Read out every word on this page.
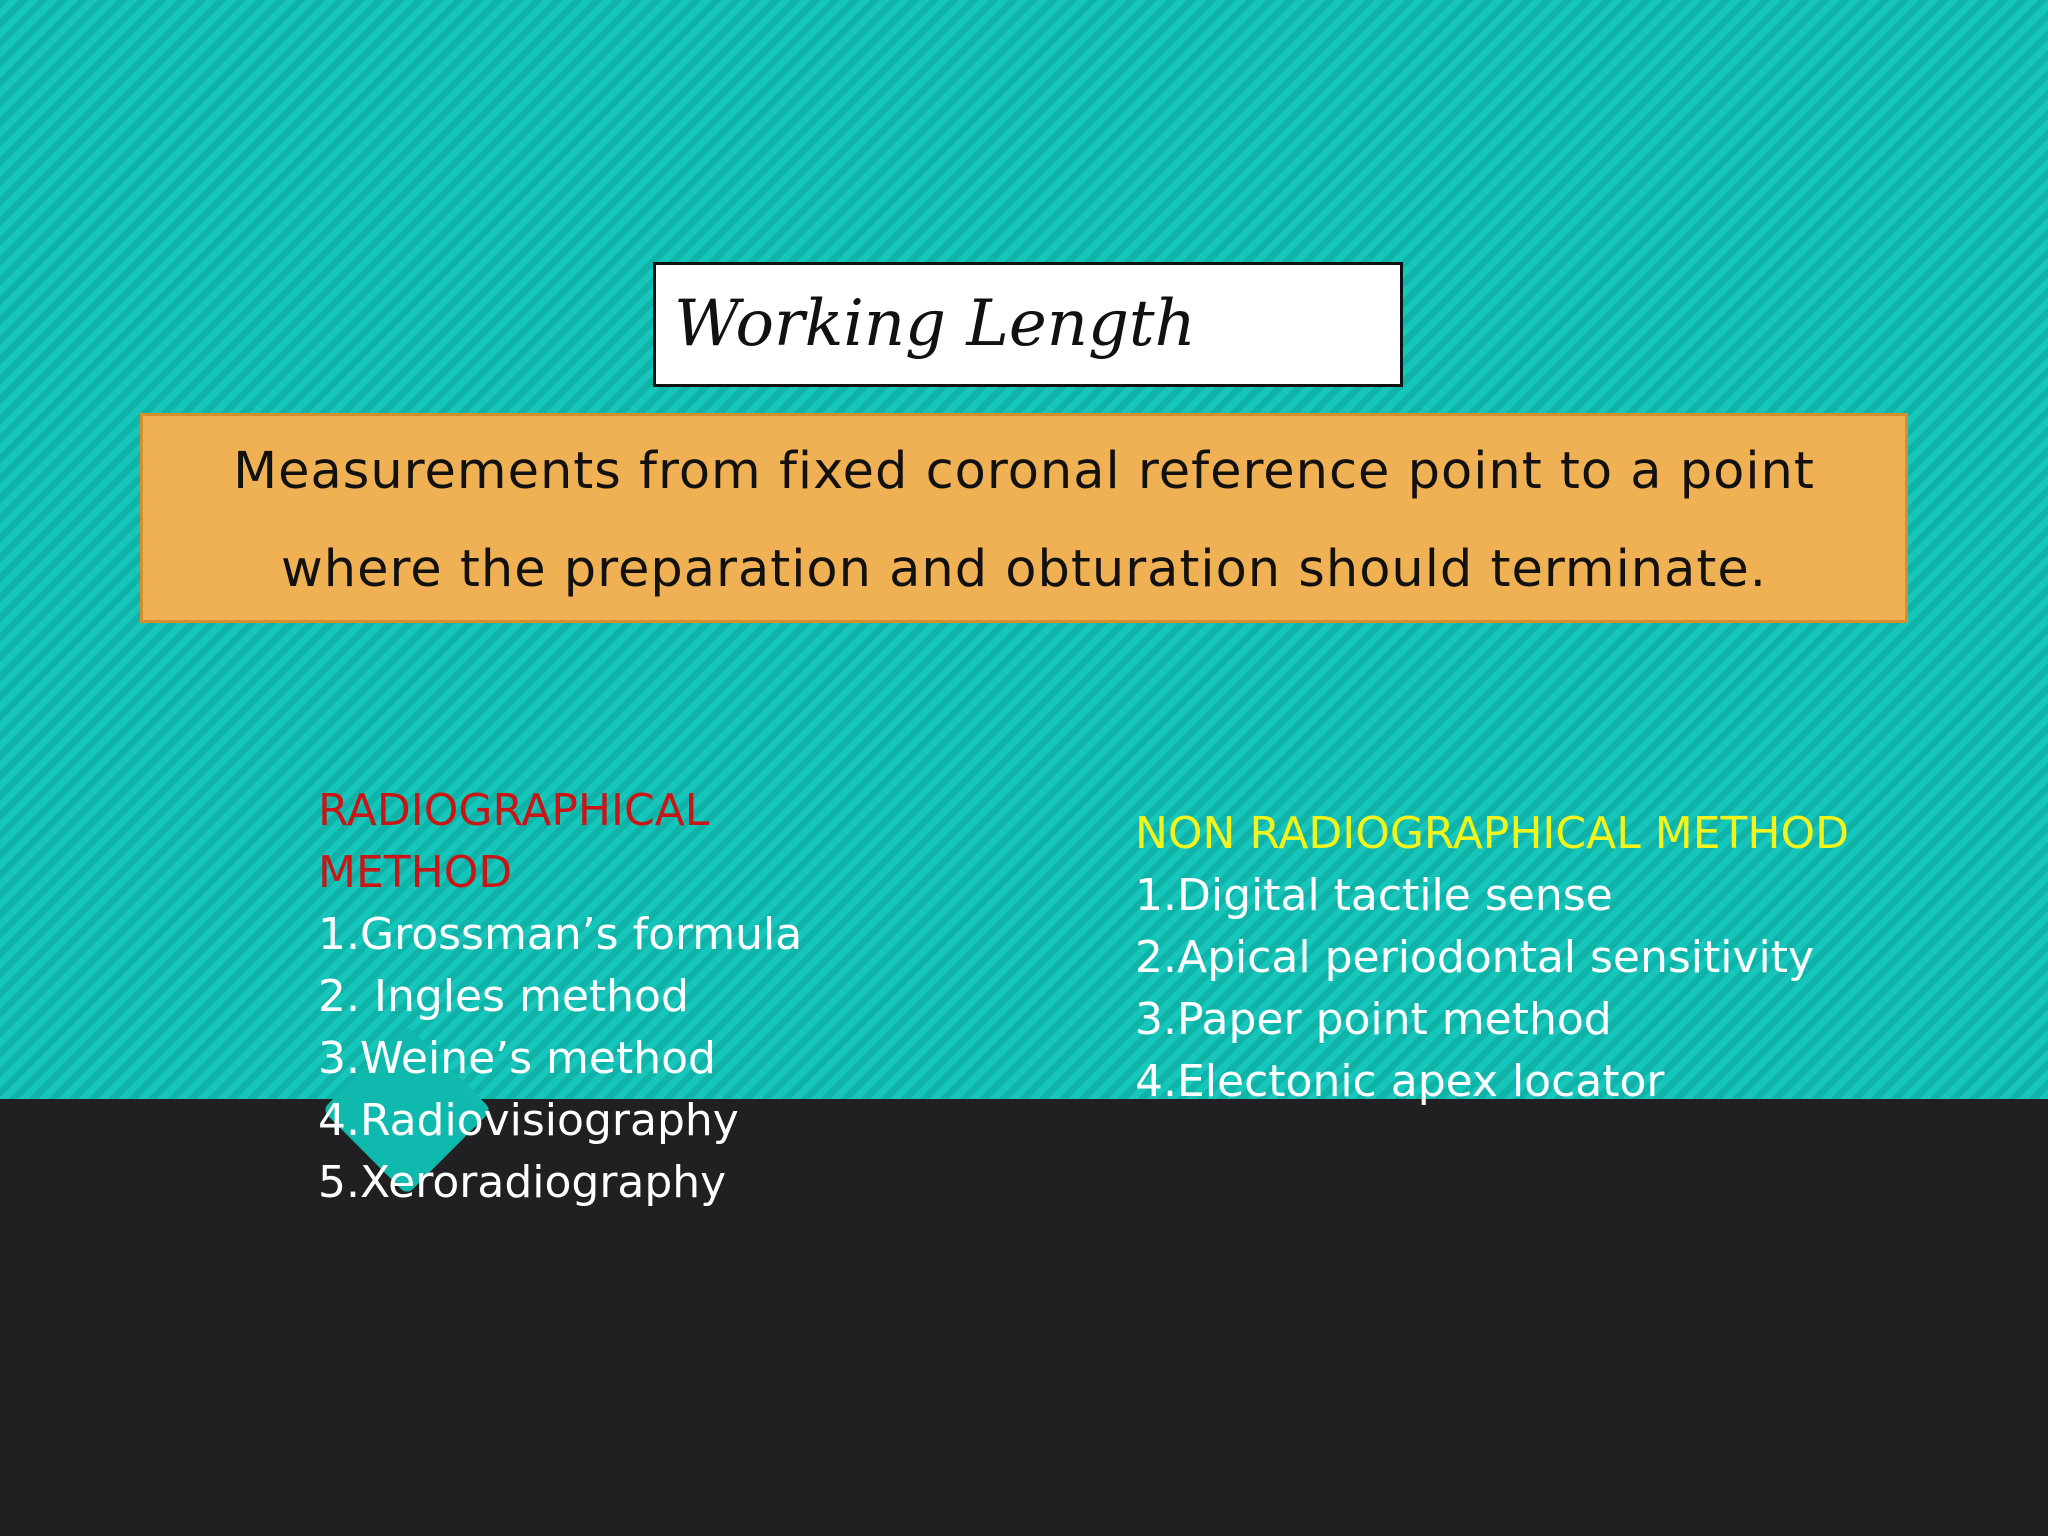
Working Length
Measurements from fixed coronal reference point to a point
where the preparation and obturation should terminate.
RADIOGRAPHICAL
METHOD
1.Grossman’s formula
2. Ingles method
3.Weine’s method
4.Radiovisiography
5.Xeroradiography
NON RADIOGRAPHICAL METHOD
1.Digital tactile sense
2.Apical periodontal sensitivity
3.Paper point method
4.Electonic apex locator
